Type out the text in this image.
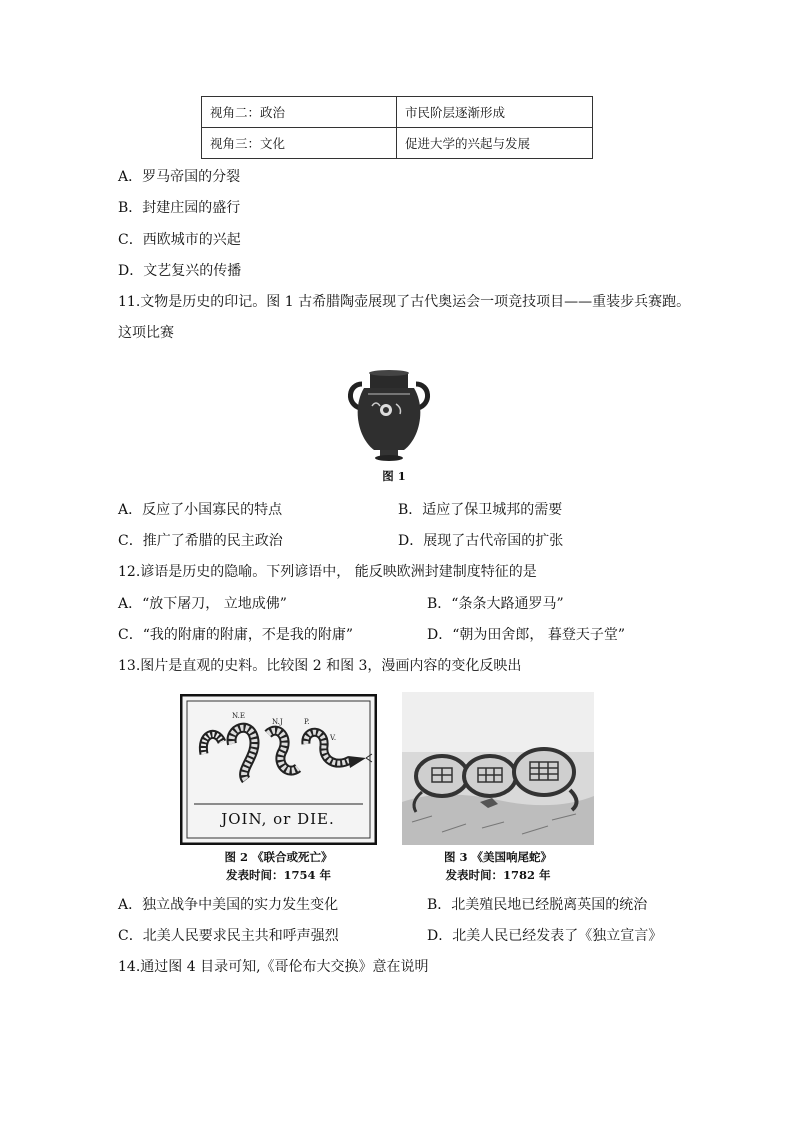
视角二：政治	市民阶层逐渐形成
视角三：文化	促进大学的兴起与发展
A．罗马帝国的分裂
B．封建庄园的盛行
C．西欧城市的兴起
D．文艺复兴的传播
11.文物是历史的印记。图 1 古希腊陶壶展现了古代奥运会一项竞技项目——重装步兵赛跑。
这项比赛
图 1
A．反应了小国寡民的特点	B．适应了保卫城邦的需要
C．推广了希腊的民主政治	D．展现了古代帝国的扩张
12.谚语是历史的隐喻。下列谚语中， 能反映欧洲封建制度特征的是
A．“放下屠刀， 立地成佛”	B．“条条大路通罗马”
C．“我的附庸的附庸，不是我的附庸”	D．“朝为田舍郎， 暮登天子堂”
13.图片是直观的史料。比较图 2 和图 3，漫画内容的变化反映出
N.E
N.J	P.
V.
JOIN, or DIE.
图 2 《联合或死亡》
发表时间：1754 年
图 3 《美国响尾蛇》
发表时间：1782 年
A．独立战争中美国的实力发生变化	B．北美殖民地已经脱离英国的统治
C．北美人民要求民主共和呼声强烈	D．北美人民已经发表了《独立宣言》
14.通过图 4 目录可知,《哥伦布大交换》意在说明
